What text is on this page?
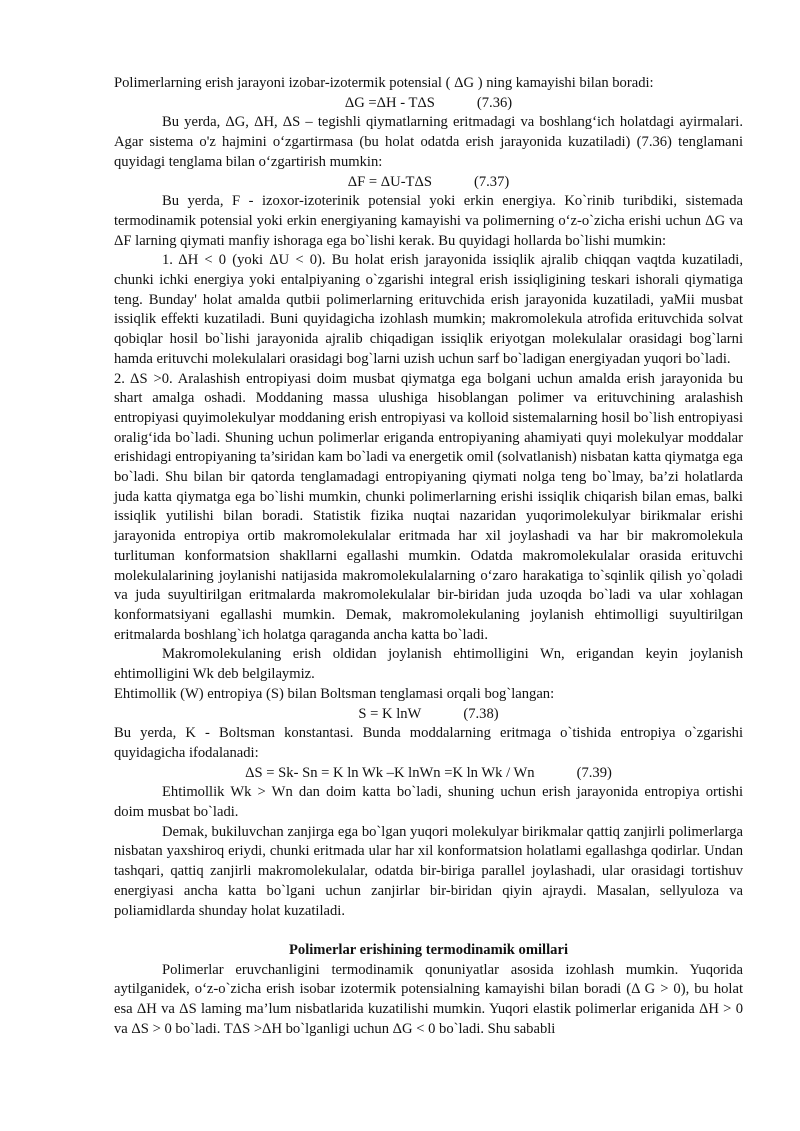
Polimerlarning erish jarayoni izobar-izotermik potensial ( ΔG ) ning kamayishi bilan boradi:

ΔG =ΔH - TΔS	(7.36)

Bu yerda, ΔG, ΔH, ΔS – tegishli qiymatlarning eritmadagi va boshlang‘ich holatdagi ayirmalari. Agar sistema o'z hajmini o‘zgartirmasa (bu holat odatda erish jarayonida kuzatiladi) (7.36) tenglamani quyidagi tenglama bilan o‘zgartirish mumkin:

ΔF = ΔU-TΔS	(7.37)

Bu yerda, F - izoxor-izoterinik potensial yoki erkin energiya. Ko`rinib turibdiki, sistemada termodinamik potensial yoki erkin energiyaning kamayishi va polimerning o‘z-o`zicha erishi uchun ΔG va ΔF larning qiymati manfiy ishoraga ega bo`lishi kerak. Bu quyidagi hollarda bo`lishi mumkin:

1. ΔH < 0 (yoki ΔU < 0). Bu holat erish jarayonida issiqlik ajralib chiqqan vaqtda kuzatiladi, chunki ichki energiya yoki entalpiyaning o`zgarishi integral erish issiqligining teskari ishorali qiymatiga teng. Bunday' holat amalda qutbii polimerlarning erituvchida erish jarayonida kuzatiladi, yaMii musbat issiqlik effekti kuzatiladi. Buni quyidagicha izohlash mumkin; makromolekula atrofida erituvchida solvat qobiqlar hosil bo`lishi jarayonida ajralib chiqadigan issiqlik eriyotgan molekulalar orasidagi bog`larni hamda erituvchi molekulalari orasidagi bog`larni uzish uchun sarf bo`ladigan energiyadan yuqori bo`ladi.

2. ΔS >0. Aralashish entropiyasi doim musbat qiymatga ega bolgani uchun amalda erish jarayonida bu shart amalga oshadi. Moddaning massa ulushiga hisoblangan polimer va erituvchining aralashish entropiyasi quyimolekulyar moddaning erish entropiyasi va kolloid sistemalarning hosil bo`lish entropiyasi oralig‘ida bo`ladi. Shuning uchun polimerlar eriganda entropiyaning ahamiyati quyi molekulyar moddalar erishidagi entropiyaning ta’siridan kam bo`ladi va energetik omil (solvatlanish) nisbatan katta qiymatga ega bo`ladi. Shu bilan bir qatorda tenglamadagi entropiyaning qiymati nolga teng bo`lmay, ba’zi holatlarda juda katta qiymatga ega bo`lishi mumkin, chunki polimerlarning erishi issiqlik chiqarish bilan emas, balki issiqlik yutilishi bilan boradi. Statistik fizika nuqtai nazaridan yuqorimolekulyar birikmalar erishi jarayonida entropiya ortib makromolekulalar eritmada har xil joylashadi va har bir makromolekula turlituman konformatsion shakllarni egallashi mumkin. Odatda makromolekulalar orasida erituvchi molekulalarining joylanishi natijasida makromolekulalarning o‘zaro harakatiga to`sqinlik qilish yo`qoladi va juda suyultirilgan eritmalarda makromolekulalar bir-biridan juda uzoqda bo`ladi va ular xohlagan konformatsiyani egallashi mumkin. Demak, makromolekulaning joylanish ehtimolligi suyultirilgan eritmalarda boshlang`ich holatga qaraganda ancha katta bo`ladi.

Makromolekulaning erish oldidan joylanish ehtimolligini Wn, erigandan keyin joylanish ehtimolligini Wk deb belgilaymiz.

Ehtimollik (W) entropiya (S) bilan Boltsman tenglamasi orqali bog`langan:

S = K lnW	(7.38)

Bu yerda, K - Boltsman konstantasi. Bunda moddalarning eritmaga o`tishida entropiya o`zgarishi quyidagicha ifodalanadi:

ΔS = Sk- Sn = K ln Wk –K lnWn =K ln Wk / Wn	(7.39)

Ehtimollik Wk > Wn dan doim katta bo`ladi, shuning uchun erish jarayonida entropiya ortishi doim musbat bo`ladi.

Demak, bukiluvchan zanjirga ega bo`lgan yuqori molekulyar birikmalar qattiq zanjirli polimerlarga nisbatan yaxshiroq eriydi, chunki eritmada ular har xil konformatsion holatlami egallashga qodirlar. Undan tashqari, qattiq zanjirli makromolekulalar, odatda bir-biriga parallel joylashadi, ular orasidagi tortishuv energiyasi ancha katta bo`lgani uchun zanjirlar bir-biridan qiyin ajraydi. Masalan, sellyuloza va poliamidlarda shunday holat kuzatiladi.

Polimerlar erishining termodinamik omillari

Polimerlar eruvchanligini termodinamik qonuniyatlar asosida izohlash mumkin. Yuqorida aytilganidek, o‘z-o`zicha erish isobar izotermik potensialning kamayishi bilan boradi (Δ G > 0), bu holat esa ΔH va ΔS laming ma’lum nisbatlarida kuzatilishi mumkin. Yuqori elastik polimerlar eriganida ΔH > 0 va ΔS > 0 bo`ladi. TΔS >ΔH bo`lganligi uchun ΔG < 0 bo`ladi. Shu sababli
